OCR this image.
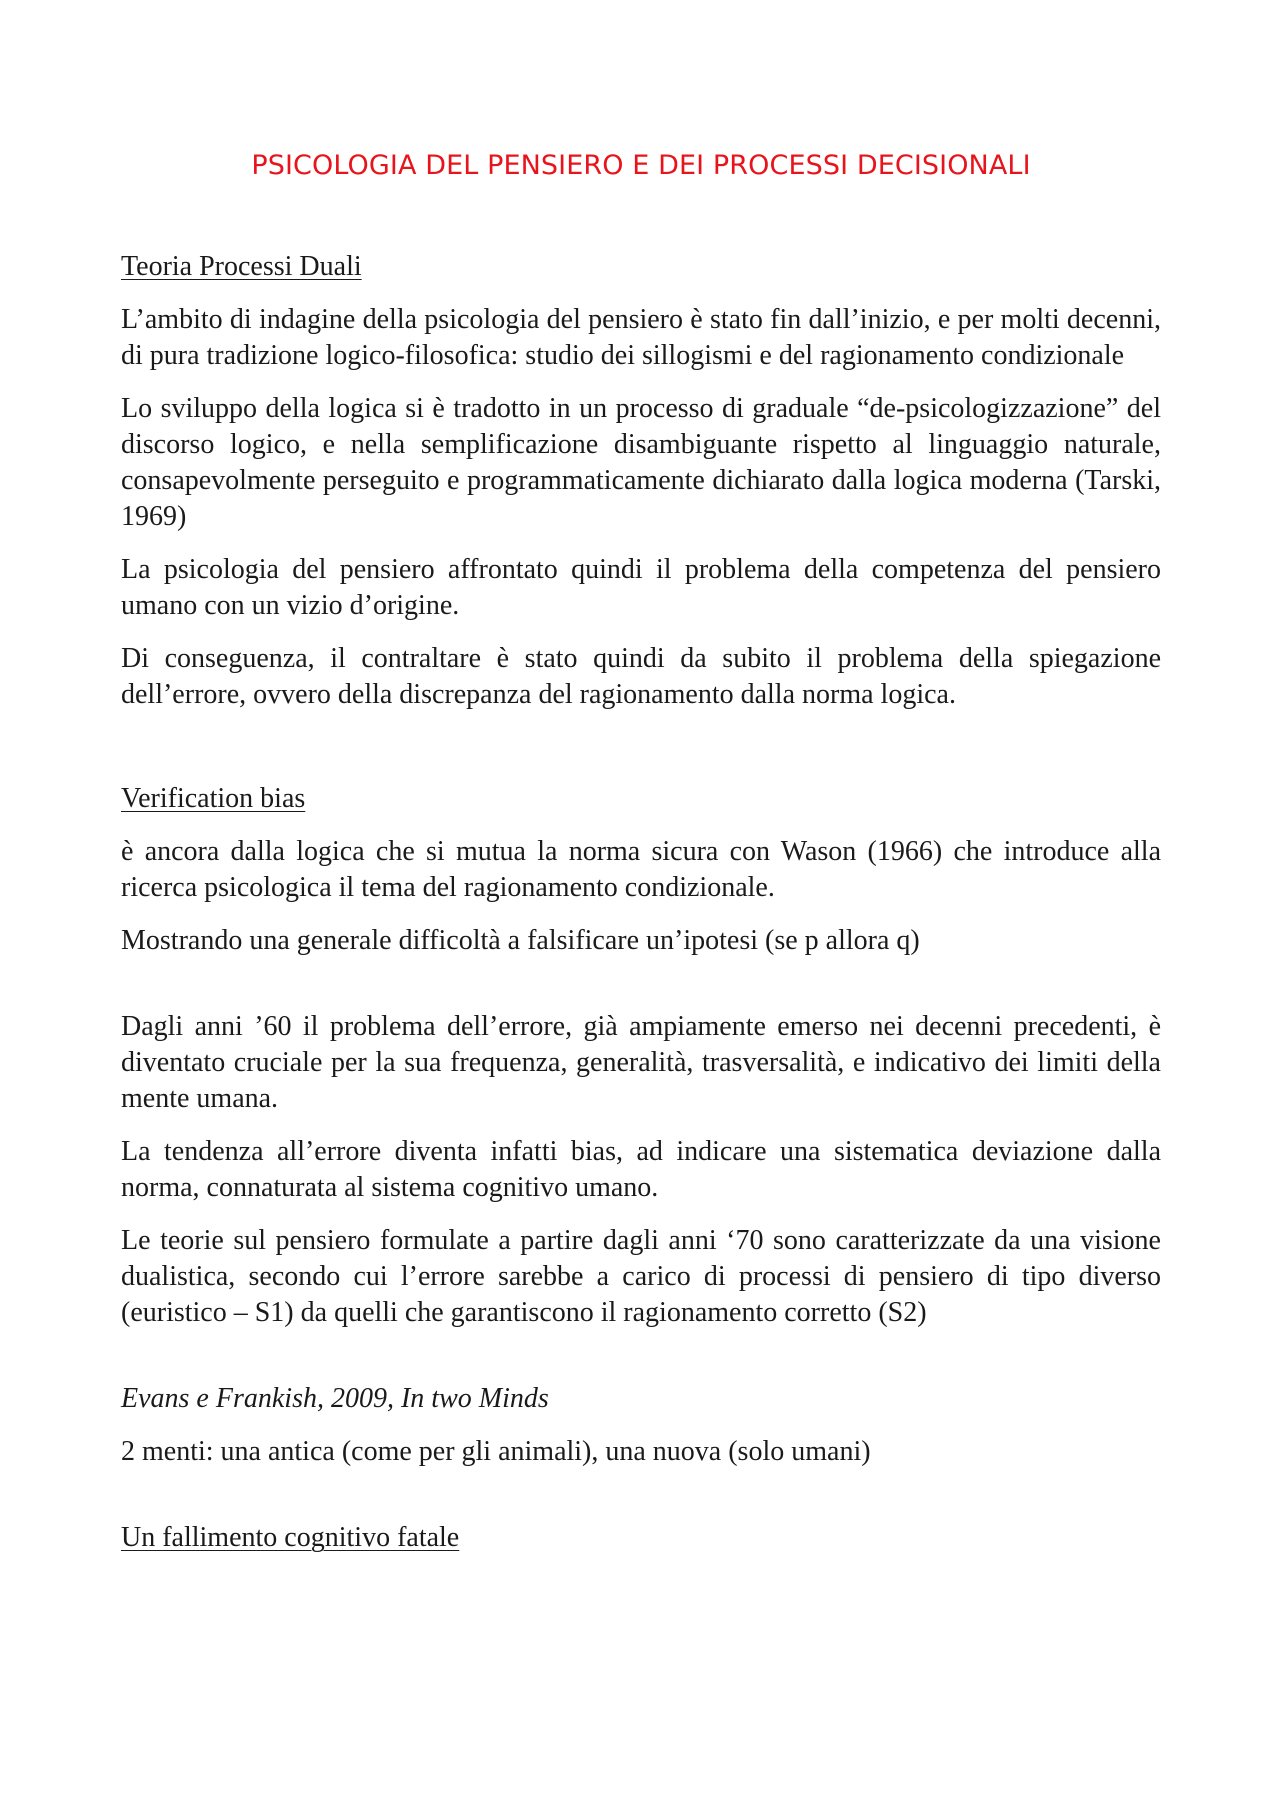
PSICOLOGIA DEL PENSIERO E DEI PROCESSI DECISIONALI
Teoria Processi Duali
L’ambito di indagine della psicologia del pensiero è stato fin dall’inizio, e per molti decenni, di pura tradizione logico-filosofica: studio dei sillogismi e del ragionamento condizionale
Lo sviluppo della logica si è tradotto in un processo di graduale “de-psicologizzazione” del discorso logico, e nella semplificazione disambiguante rispetto al linguaggio naturale, consapevolmente perseguito e programmaticamente dichiarato dalla logica moderna (Tarski, 1969)
La psicologia del pensiero affrontato quindi il problema della competenza del pensiero umano con un vizio d’origine.
Di conseguenza, il contraltare è stato quindi da subito il problema della spiegazione dell’errore, ovvero della discrepanza del ragionamento dalla norma logica.
Verification bias
è ancora dalla logica che si mutua la norma sicura con Wason (1966) che introduce alla ricerca psicologica il tema del ragionamento condizionale.
Mostrando una generale difficoltà a falsificare un’ipotesi (se p allora q)
Dagli anni ’60 il problema dell’errore, già ampiamente emerso nei decenni precedenti, è diventato cruciale per la sua frequenza, generalità, trasversalità, e indicativo dei limiti della mente umana.
La tendenza all’errore diventa infatti bias, ad indicare una sistematica deviazione dalla norma, connaturata al sistema cognitivo umano.
Le teorie sul pensiero formulate a partire dagli anni ‘70 sono caratterizzate da una visione dualistica, secondo cui l’errore sarebbe a carico di processi di pensiero di tipo diverso (euristico – S1) da quelli che garantiscono il ragionamento corretto (S2)
Evans e Frankish, 2009, In two Minds
2 menti: una antica (come per gli animali), una nuova (solo umani)
Un fallimento cognitivo fatale
